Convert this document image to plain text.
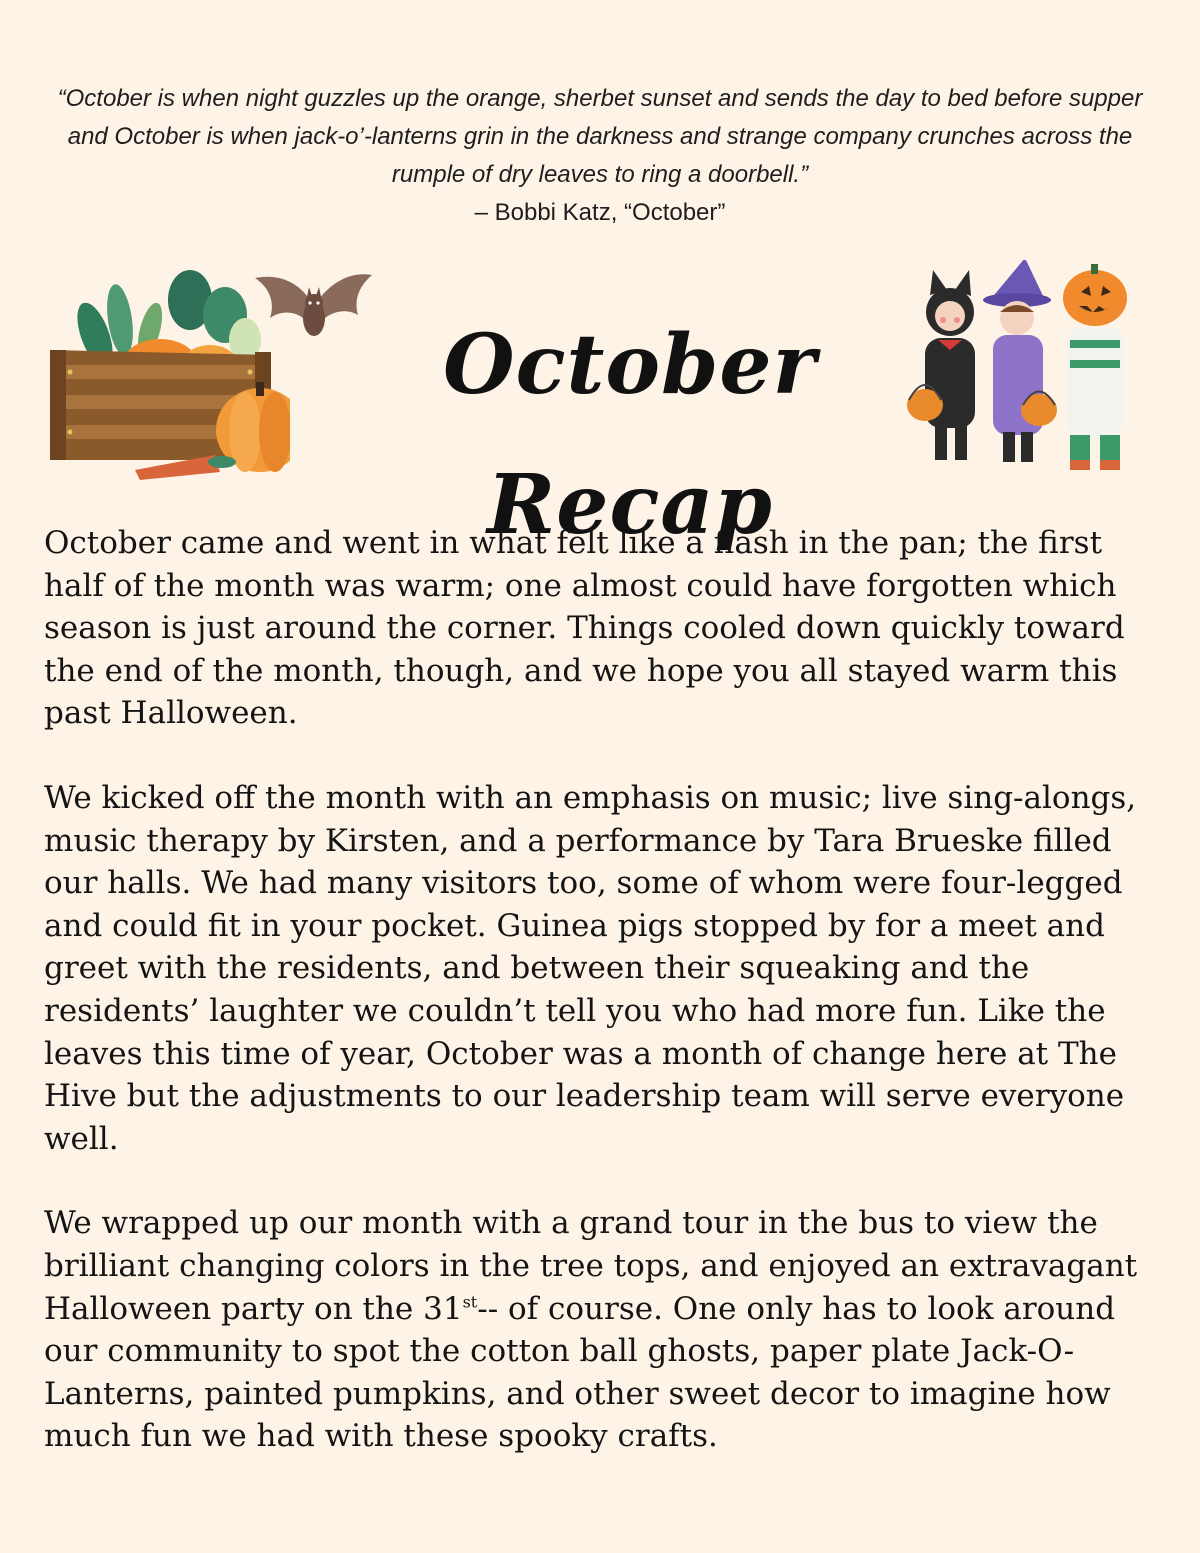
“October is when night guzzles up the orange, sherbet sunset and sends the day to bed before supper and October is when jack-o’-lanterns grin in the darkness and strange company crunches across the rumple of dry leaves to ring a doorbell.”

– Bobbi Katz, “October”

October Recap

October came and went in what felt like a flash in the pan; the first half of the month was warm; one almost could have forgotten which season is just around the corner. Things cooled down quickly toward the end of the month, though, and we hope you all stayed warm this past Halloween.

We kicked off the month with an emphasis on music; live sing-alongs, music therapy by Kirsten, and a performance by Tara Brueske filled our halls. We had many visitors too, some of whom were four-legged and could fit in your pocket. Guinea pigs stopped by for a meet and greet with the residents, and between their squeaking and the residents’ laughter we couldn’t tell you who had more fun. Like the leaves this time of year, October was a month of change here at The Hive but the adjustments to our leadership team will serve everyone well.

We wrapped up our month with a grand tour in the bus to view the brilliant changing colors in the tree tops, and enjoyed an extravagant Halloween party on the 31st-- of course. One only has to look around our community to spot the cotton ball ghosts, paper plate Jack-O-Lanterns, painted pumpkins, and other sweet decor to imagine how much fun we had with these spooky crafts.
